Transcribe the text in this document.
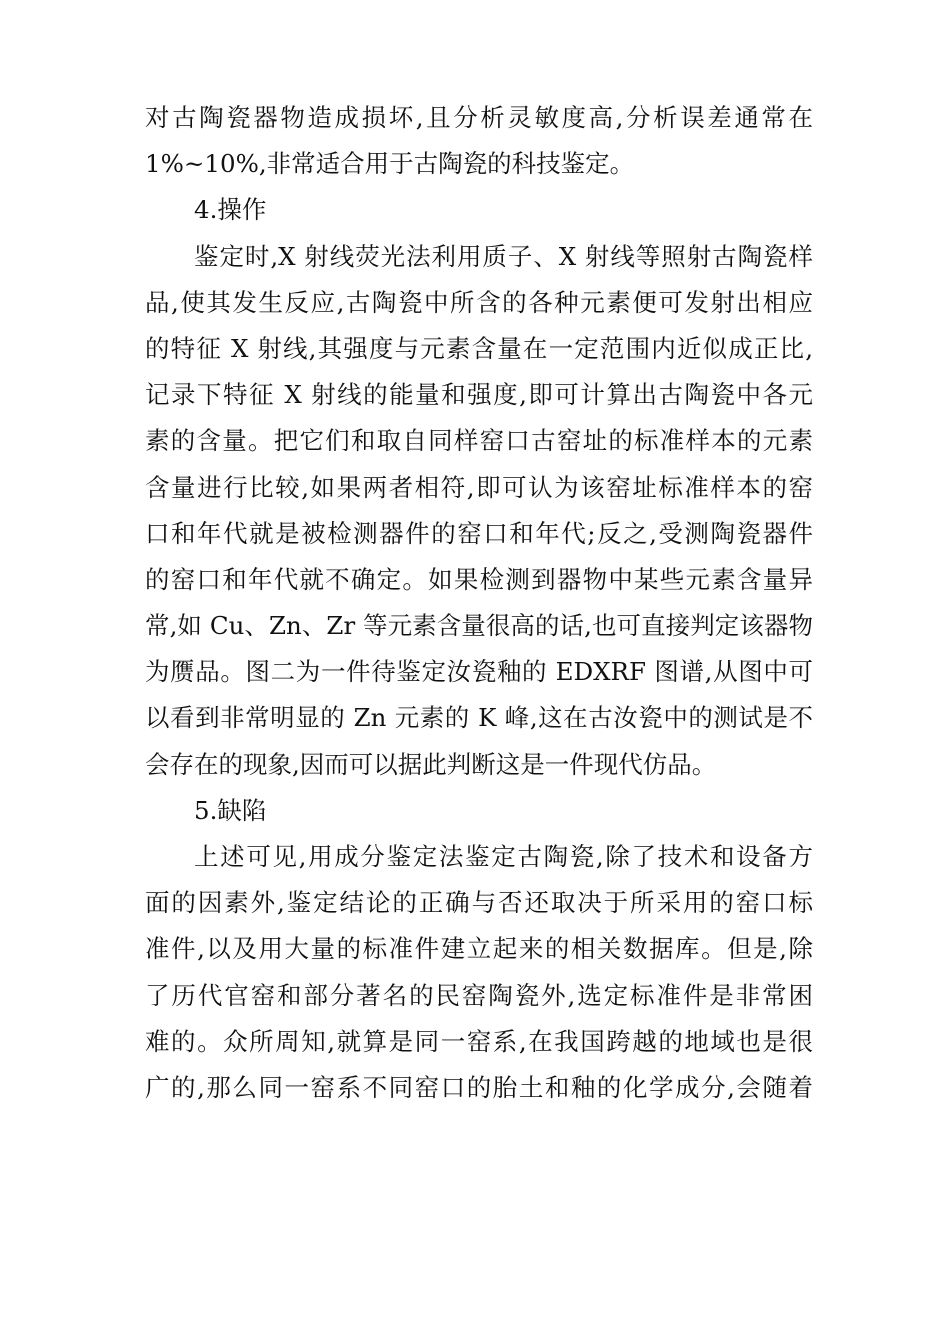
对古陶瓷器物造成损坏,且分析灵敏度高,分析误差通常在
1%~10%,非常适合用于古陶瓷的科技鉴定。
4.操作
鉴定时,X 射线荧光法利用质子、X 射线等照射古陶瓷样
品,使其发生反应,古陶瓷中所含的各种元素便可发射出相应
的特征 X 射线,其强度与元素含量在一定范围内近似成正比,
记录下特征 X 射线的能量和强度,即可计算出古陶瓷中各元
素的含量。把它们和取自同样窑口古窑址的标准样本的元素
含量进行比较,如果两者相符,即可认为该窑址标准样本的窑
口和年代就是被检测器件的窑口和年代;反之,受测陶瓷器件
的窑口和年代就不确定。如果检测到器物中某些元素含量异
常,如 Cu、Zn、Zr 等元素含量很高的话,也可直接判定该器物
为赝品。图二为一件待鉴定汝瓷釉的 EDXRF 图谱,从图中可
以看到非常明显的 Zn 元素的 K 峰,这在古汝瓷中的测试是不
会存在的现象,因而可以据此判断这是一件现代仿品。
5.缺陷
上述可见,用成分鉴定法鉴定古陶瓷,除了技术和设备方
面的因素外,鉴定结论的正确与否还取决于所采用的窑口标
准件,以及用大量的标准件建立起来的相关数据库。但是,除
了历代官窑和部分著名的民窑陶瓷外,选定标准件是非常困
难的。众所周知,就算是同一窑系,在我国跨越的地域也是很
广的,那么同一窑系不同窑口的胎土和釉的化学成分,会随着
